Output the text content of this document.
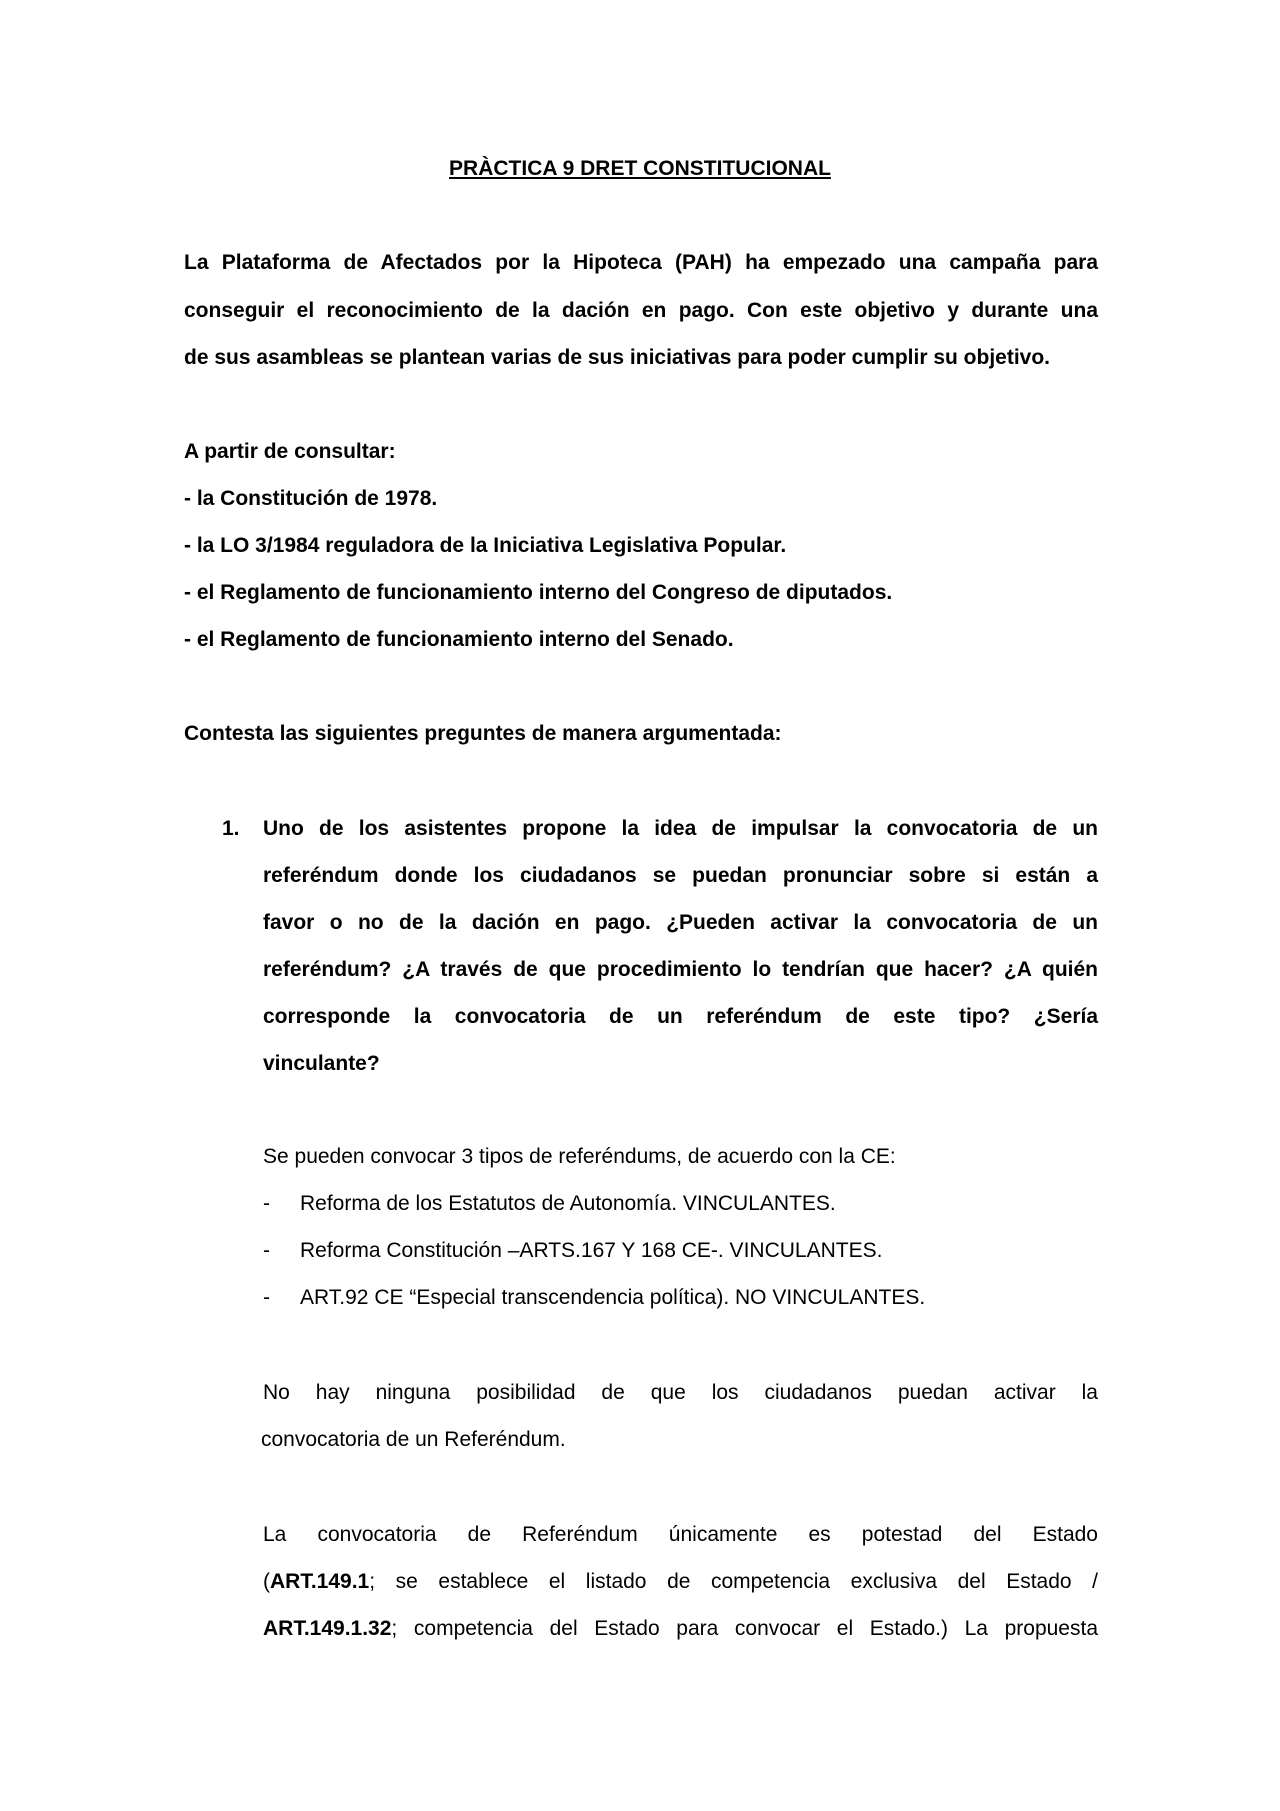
PRÀCTICA 9 DRET CONSTITUCIONAL
La Plataforma de Afectados por la Hipoteca (PAH) ha empezado una campaña para
conseguir el reconocimiento de la dación en pago. Con este objetivo y durante una
de sus asambleas se plantean varias de sus iniciativas para poder cumplir su objetivo.
A partir de consultar:
- la Constitución de 1978.
- la LO 3/1984 reguladora de la Iniciativa Legislativa Popular.
- el Reglamento de funcionamiento interno del Congreso de diputados.
- el Reglamento de funcionamiento interno del Senado.
Contesta las siguientes preguntes de manera argumentada:
1. Uno de los asistentes propone la idea de impulsar la convocatoria de un
referéndum donde los ciudadanos se puedan pronunciar sobre si están a
favor o no de la dación en pago. ¿Pueden activar la convocatoria de un
referéndum? ¿A través de que procedimiento lo tendrían que hacer? ¿A quién
corresponde la convocatoria de un referéndum de este tipo? ¿Sería
vinculante?
Se pueden convocar 3 tipos de referéndums, de acuerdo con la CE:
- Reforma de los Estatutos de Autonomía. VINCULANTES.
- Reforma Constitución –ARTS.167 Y 168 CE-. VINCULANTES.
- ART.92 CE “Especial transcendencia política). NO VINCULANTES.
No hay ninguna posibilidad de que los ciudadanos puedan activar la
convocatoria de un Referéndum.
La convocatoria de Referéndum únicamente es potestad del Estado
(ART.149.1; se establece el listado de competencia exclusiva del Estado /
ART.149.1.32; competencia del Estado para convocar el Estado.) La propuesta
